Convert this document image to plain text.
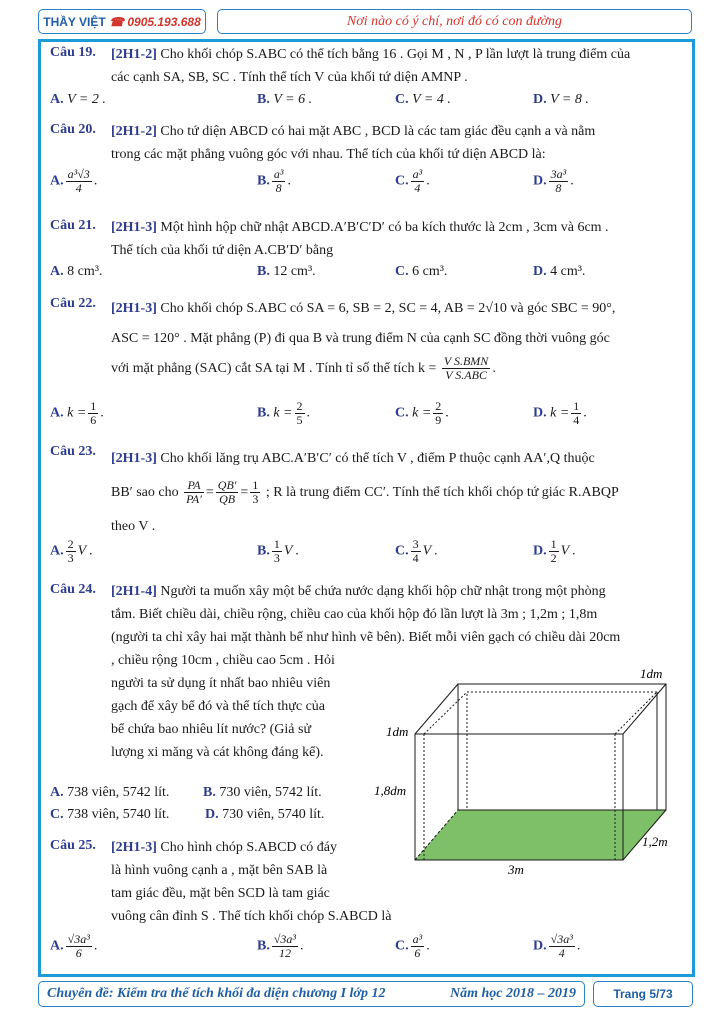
THẦY VIỆT
☎ 0905.193.688	Nơi nào có ý chí, nơi đó có con đường
Câu 19. [2H1-2] Cho khối chóp S.ABC có thể tích bằng 16 . Gọi M , N , P lần lượt là trung điểm của
các cạnh SA, SB, SC . Tính thể tích V của khối tứ diện AMNP .
A. V = 2 .	B. V = 6 .	C. V = 4 .	D. V = 8 .
Câu 20. [2H1-2] Cho tứ diện ABCD có hai mặt ABC , BCD là các tam giác đều cạnh a và nằm
trong các mặt phẳng vuông góc với nhau. Thể tích của khối tứ diện ABCD là:
A. $\frac{\text{a³√3}}{4}$ .	B. $\frac{\text{a³}}{8}$ .	C. $\frac{\text{a³}}{4}$ .	D. $\frac{\text{3a³}}{8}$ .
Câu 21. [2H1-3] Một hình hộp chữ nhật ABCD.A′B′C′D′ có ba kích thước là 2cm , 3cm và 6cm .
Thể tích của khối tứ diện A.CB′D′ bằng
A. 8 cm³.	B. 12 cm³.	C. 6 cm³.	D. 4 cm³.
Câu 22. [2H1-3] Cho khối chóp S.ABC có SA = 6, SB = 2, SC = 4, AB = 2√10 và góc SBC = 90°,
ASC = 120° . Mặt phẳng (P) đi qua B và trung điểm N của cạnh SC đồng thời vuông góc
với mặt phẳng (SAC) cắt SA tại M . Tính tỉ số thể tích $k = \frac{\text{V S.BMN}}{\text{V S.ABC}}$ .
A. $k = \frac{1}{6}$ .	B. $k = \frac{2}{5}$ .	C. $k = \frac{2}{9}$ .	D. $k = \frac{1}{4}$ .
Câu 23. [2H1-3] Cho khối lăng trụ ABC.A′B′C′ có thể tích V , điểm P thuộc cạnh AA′,Q thuộc
BB′ sao cho $\frac{PA}{PA'} = \frac{QB'}{QB} = \frac{1}{3}$ ; R là trung điểm CC′. Tính thể tích khối chóp tứ giác R.ABQP
theo V .
A. $\frac{2}{3}$ V .	B. $\frac{1}{3}$ V .	C. $\frac{3}{4}$ V .	D. $\frac{1}{2}$ V .
Câu 24. [2H1-4] Người ta muốn xây một bể chứa nước dạng khối hộp chữ nhật trong một phòng
tắm. Biết chiều dài, chiều rộng, chiều cao của khối hộp đó lần lượt là 3m ; 1,2m ; 1,8m
(người ta chỉ xây hai mặt thành bể như hình vẽ bên). Biết mỗi viên gạch có chiều dài 20cm
, chiều rộng 10cm , chiều cao 5cm . Hỏi
người ta sử dụng ít nhất bao nhiêu viên
gạch để xây bể đó và thể tích thực của
bể chứa bao nhiêu lít nước? (Giả sử
lượng xi măng và cát không đáng kể).
A. 738 viên, 5742 lít. B. 730 viên, 5742 lít.
C. 738 viên, 5740 lít.	D. 730 viên, 5740 lít.
1dm
1dm
1,8dm
1,2m
3m
Câu 25. [2H1-3] Cho hình chóp S.ABCD có đáy
là hình vuông cạnh a , mặt bên SAB là
tam giác đều, mặt bên SCD là tam giác
vuông cân đỉnh S . Thể tích khối chóp S.ABCD là
A. $\frac{\text{√3a³}}{6}$ .	B. $\frac{\text{√3a³}}{12}$ .	C. $\frac{\text{a³}}{6}$ .	D. $\frac{\text{√3a³}}{4}$ .
Chuyên đề: Kiểm tra thể tích khối đa diện chương I lớp 12	Năm học 2018 – 2019	Trang 5/73
